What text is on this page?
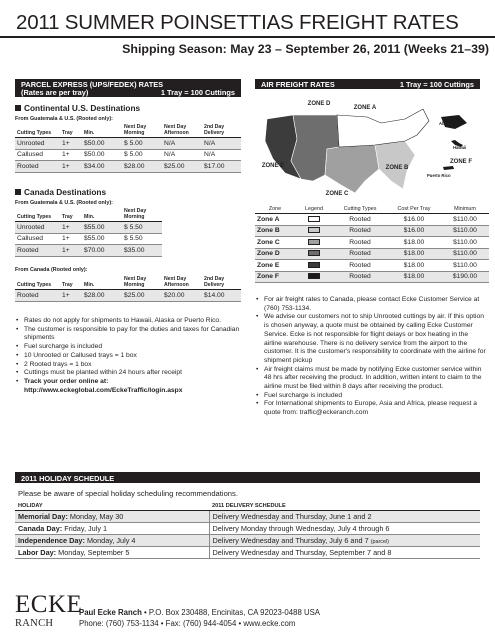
2011 SUMMER POINSETTIAS FREIGHT RATES
Shipping Season: May 23 – September 26, 2011 (Weeks 21–39)
PARCEL EXPRESS (UPS/FEDEX) RATES
(Rates are per tray)	1 Tray = 100 Cuttings
Continental U.S. Destinations
From Guatemala & U.S. (Rooted only):
Cutting Types	Tray	Min.	Next Day Morning	Next Day Afternoon	2nd Day Delivery
Unrooted	1+	$50.00	$ 5.00	N/A	N/A
Callused	1+	$50.00	$ 5.00	N/A	N/A
Rooted	1+	$34.00	$28.00	$25.00	$17.00
Canada Destinations
From Guatemala & U.S. (Rooted only):
Cutting Types	Tray	Min.	Next Day Morning
Unrooted	1+	$55.00	$ 5.50
Callused	1+	$55.00	$ 5.50
Rooted	1+	$70.00	$35.00
From Canada (Rooted only):
Cutting Types	Tray	Min.	Next Day Morning	Next Day Afternoon	2nd Day Delivery
Rooted	1+	$28.00	$25.00	$20.00	$14.00
• Rates do not apply for shipments to Hawaii, Alaska or Puerto Rico.
• The customer is responsible to pay for the duties and taxes for Canadian shipments
• Fuel surcharge is included
• 10 Unrooted or Callused trays = 1 box
• 2 Rooted trays = 1 box
• Cuttings must be planted within 24 hours after receipt
• Track your order online at:
http://www.eckeglobal.com/EckeTraffic/login.aspx
AIR FREIGHT RATES	1 Tray = 100 Cuttings
ZONE D
ZONE A
ZONE E	ZONE B
ZONE C
ZONE F
Alaska
Hawaii
Puerto Rico
Zone	Legend	Cutting Types	Cost Per Tray	Minimum
Zone A		Rooted	$16.00	$110.00
Zone B		Rooted	$16.00	$110.00
Zone C		Rooted	$18.00	$110.00
Zone D		Rooted	$18.00	$110.00
Zone E		Rooted	$18.00	$110.00
Zone F		Rooted	$18.00	$190.00
• For air freight rates to Canada, please contact Ecke Customer Service at (760) 753-1134.
• We advise our customers not to ship Unrooted cuttings by air. If this option is chosen anyway, a quote must be obtained by calling Ecke Customer Service. Ecke is not responsible for flight delays or box heating in the airline warehouse. There is no delivery service from the airport to the customer. It is the customer's responsibility to coordinate with the airline for shipment pickup
• Air freight claims must be made by notifying Ecke customer service within 48 hrs after receiving the product. In addition, written intent to claim to the airline must be filed within 8 days after receiving the product.
• Fuel surcharge is included
• For International shipments to Europe, Asia and Africa, please request a quote from: traffic@eckeranch.com
2011 HOLIDAY SCHEDULE
Please be aware of special holiday scheduling recommendations.
HOLIDAY	2011 DELIVERY SCHEDULE
Memorial Day: Monday, May 30	Delivery Wednesday and Thursday, June 1 and 2
Canada Day: Friday, July 1	Delivery Monday through Wednesday, July 4 through 6
Independence Day: Monday, July 4	Delivery Wednesday and Thursday, July 6 and 7 (parcel)
Labor Day: Monday, September 5	Delivery Wednesday and Thursday, September 7 and 8
ECKE
RANCH
Paul Ecke Ranch • P.O. Box 230488, Encinitas, CA 92023-0488 USA
Phone: (760) 753-1134 • Fax: (760) 944-4054 • www.ecke.com
